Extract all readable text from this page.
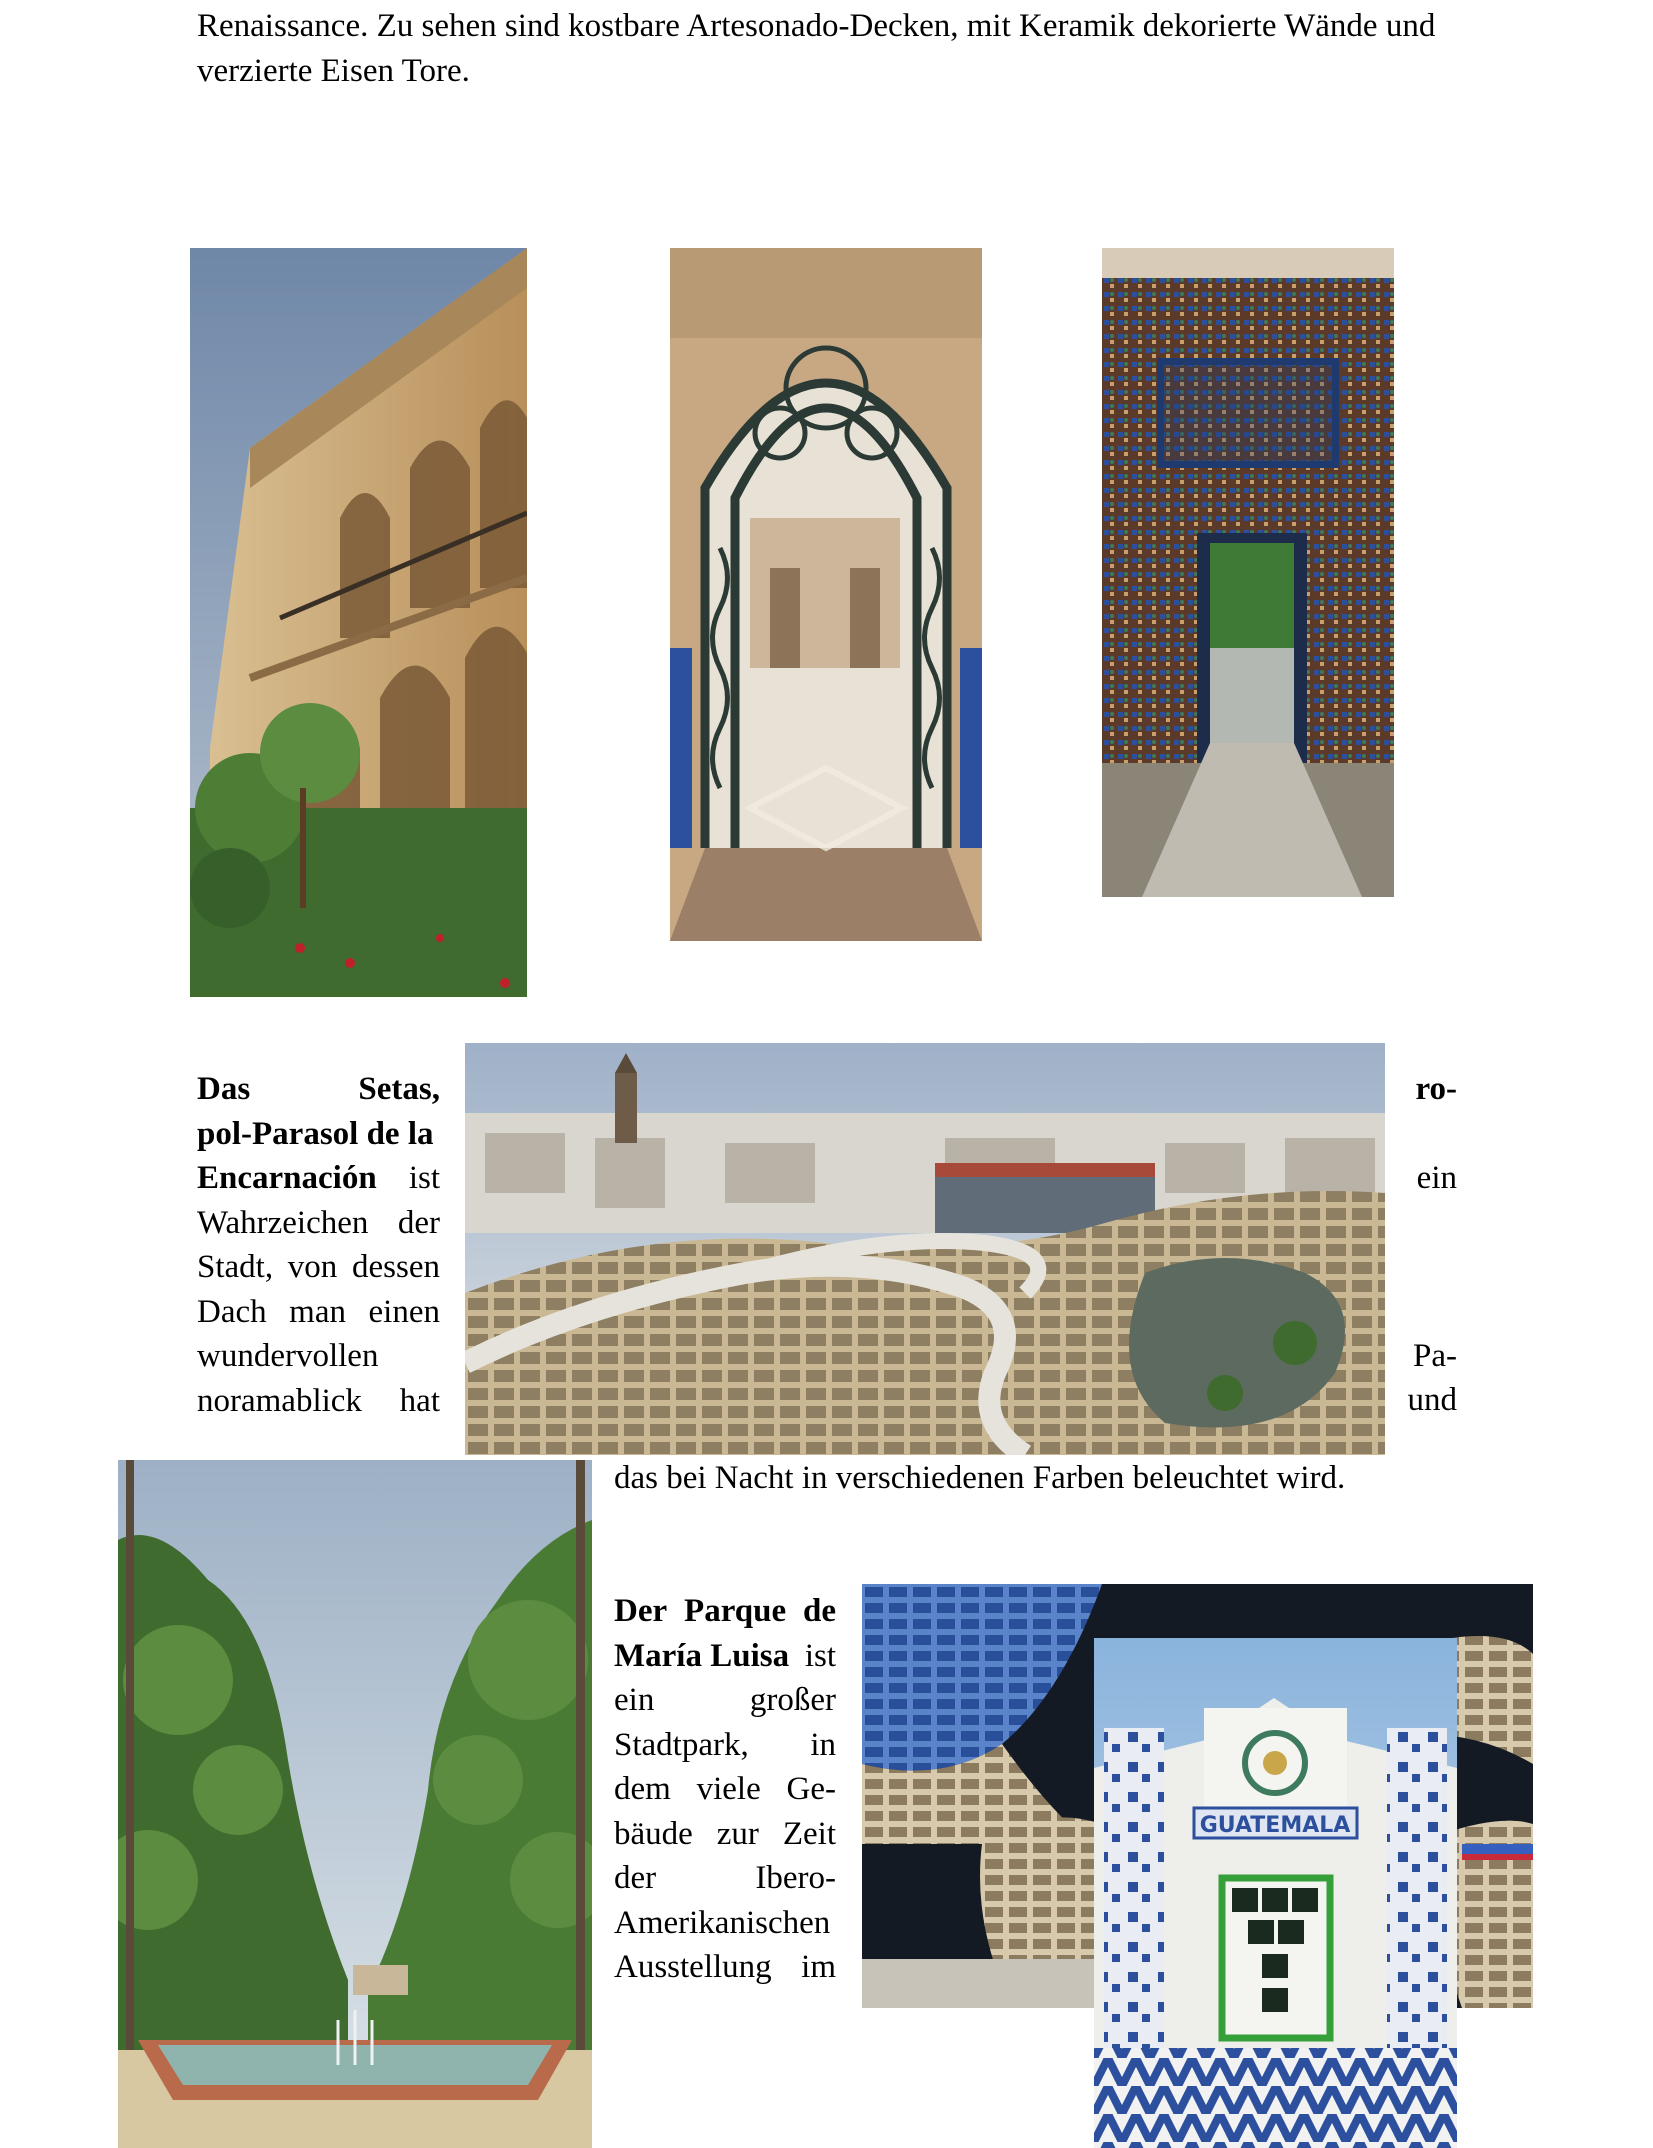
Renaissance. Zu sehen sind kostbare Artesonado-Decken, mit Keramik dekorierte Wände und
verzierte Eisen Tore.
Das	Setas,
pol-Parasol de la
Encarnación ist
Wahrzeichen der
Stadt, von dessen
Dach man einen
wundervollen
noramablick hat
ro-
ein
Pa-
und
das bei Nacht in verschiedenen Farben beleuchtet wird.
Der Parque de
María Luisa ist
ein	großer
Stadtpark, in
dem viele Ge-
bäude zur Zeit
der	Ibero-
Amerikanischen
Ausstellung im
GUATEMALA
